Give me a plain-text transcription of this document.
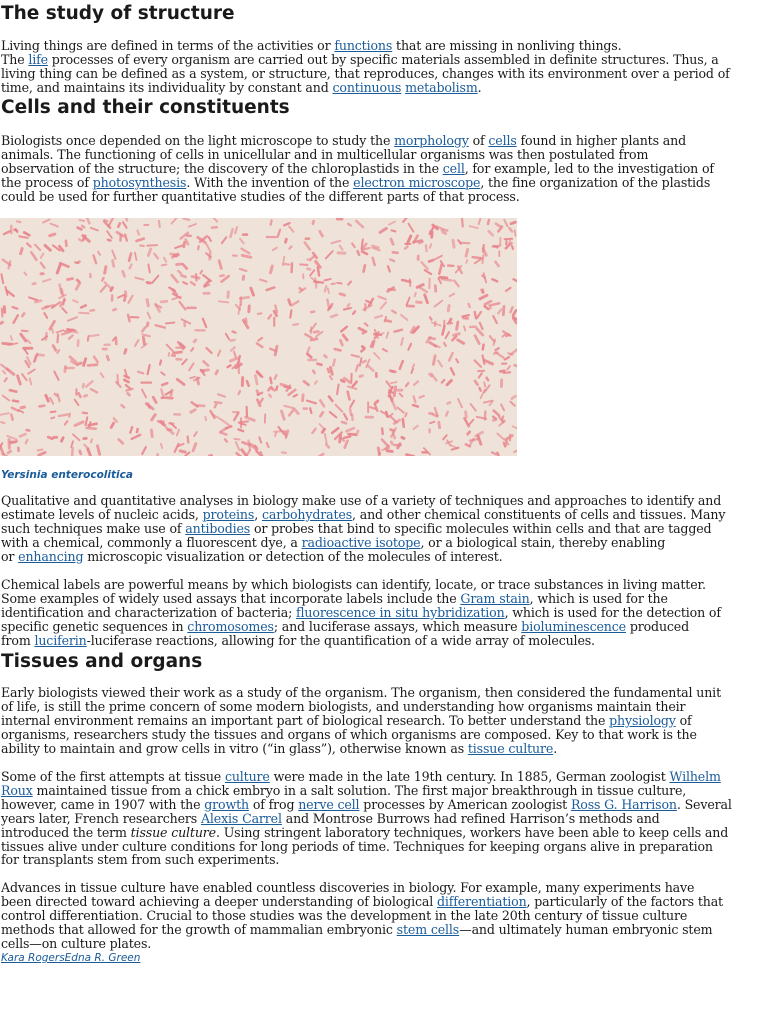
The study of structure

Living things are defined in terms of the activities or functions that are missing in nonliving things.

The life processes of every organism are carried out by specific materials assembled in definite structures. Thus, a

living thing can be defined as a system, or structure, that reproduces, changes with its environment over a period of

time, and maintains its individuality by constant and continuous metabolism.

Cells and their constituents

Biologists once depended on the light microscope to study the morphology of cells found in higher plants and

animals. The functioning of cells in unicellular and in multicellular organisms was then postulated from

observation of the structure; the discovery of the chloroplastids in the cell, for example, led to the investigation of

the process of photosynthesis. With the invention of the electron microscope, the fine organization of the plastids

could be used for further quantitative studies of the different parts of that process.

Yersinia enterocolitica

Qualitative and quantitative analyses in biology make use of a variety of techniques and approaches to identify and

estimate levels of nucleic acids, proteins, carbohydrates, and other chemical constituents of cells and tissues. Many

such techniques make use of antibodies or probes that bind to specific molecules within cells and that are tagged

with a chemical, commonly a fluorescent dye, a radioactive isotope, or a biological stain, thereby enabling

or enhancing microscopic visualization or detection of the molecules of interest.

Chemical labels are powerful means by which biologists can identify, locate, or trace substances in living matter.

Some examples of widely used assays that incorporate labels include the Gram stain, which is used for the

identification and characterization of bacteria; fluorescence in situ hybridization, which is used for the detection of

specific genetic sequences in chromosomes; and luciferase assays, which measure bioluminescence produced

from luciferin-luciferase reactions, allowing for the quantification of a wide array of molecules.

Tissues and organs

Early biologists viewed their work as a study of the organism. The organism, then considered the fundamental unit

of life, is still the prime concern of some modern biologists, and understanding how organisms maintain their

internal environment remains an important part of biological research. To better understand the physiology of

organisms, researchers study the tissues and organs of which organisms are composed. Key to that work is the

ability to maintain and grow cells in vitro (“in glass”), otherwise known as tissue culture.

Some of the first attempts at tissue culture were made in the late 19th century. In 1885, German zoologist Wilhelm

Roux maintained tissue from a chick embryo in a salt solution. The first major breakthrough in tissue culture,

however, came in 1907 with the growth of frog nerve cell processes by American zoologist Ross G. Harrison. Several

years later, French researchers Alexis Carrel and Montrose Burrows had refined Harrison’s methods and

introduced the term tissue culture. Using stringent laboratory techniques, workers have been able to keep cells and

tissues alive under culture conditions for long periods of time. Techniques for keeping organs alive in preparation

for transplants stem from such experiments.

Advances in tissue culture have enabled countless discoveries in biology. For example, many experiments have

been directed toward achieving a deeper understanding of biological differentiation, particularly of the factors that

control differentiation. Crucial to those studies was the development in the late 20th century of tissue culture

methods that allowed for the growth of mammalian embryonic stem cells—and ultimately human embryonic stem

cells—on culture plates.

Kara RogersEdna R. Green
